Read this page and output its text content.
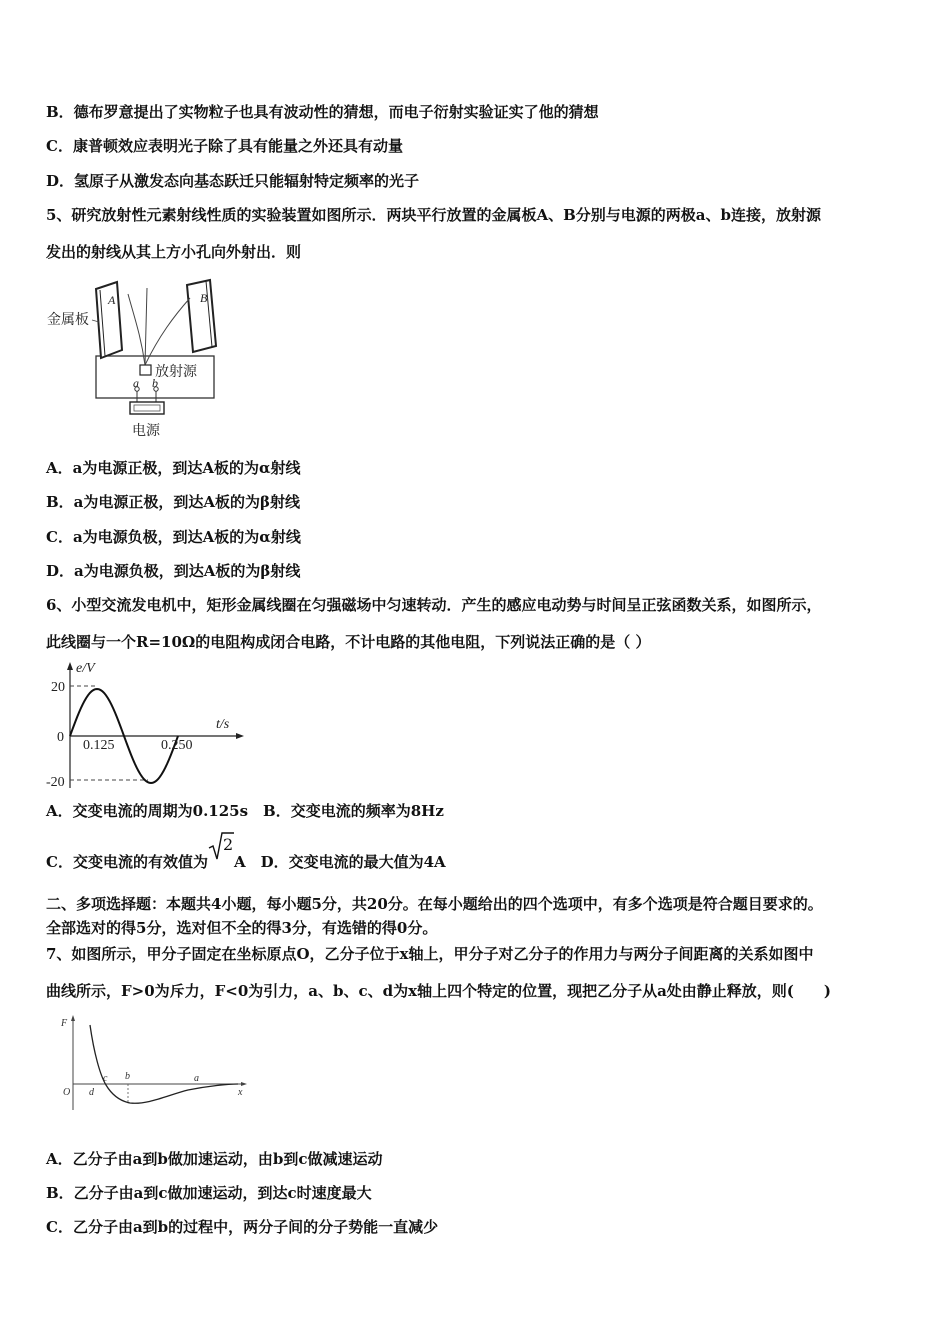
B．德布罗意提出了实物粒子也具有波动性的猜想，而电子衍射实验证实了他的猜想
C．康普顿效应表明光子除了具有能量之外还具有动量
D．氢原子从激发态向基态跃迁只能辐射特定频率的光子
5、研究放射性元素射线性质的实验装置如图所示．两块平行放置的金属板A、B分别与电源的两极a、b连接，放射源
发出的射线从其上方小孔向外射出．则
金属板
A	B
放射源
a b
电源
A．a为电源正极，到达A板的为α射线
B．a为电源正极，到达A板的为β射线
C．a为电源负极，到达A板的为α射线
D．a为电源负极，到达A板的为β射线
6、小型交流发电机中，矩形金属线圈在匀强磁场中匀速转动．产生的感应电动势与时间呈正弦函数关系，如图所示，
此线圈与一个R=10Ω的电阻构成闭合电路，不计电路的其他电阻，下列说法正确的是（ ）
e/V
t/s
20
-20
0
0.125	0.250
A．交变电流的周期为0.125s　B．交变电流的频率为8Hz
C．交变电流的有效值为
2
A　D．交变电流的最大值为4A
二、多项选择题：本题共4小题，每小题5分，共20分。在每小题给出的四个选项中，有多个选项是符合题目要求的。
全部选对的得5分，选对但不全的得3分，有选错的得0分。
7、如图所示，甲分子固定在坐标原点O，乙分子位于x轴上，甲分子对乙分子的作用力与两分子间距离的关系如图中
曲线所示，F>0为斥力，F<0为引力，a、b、c、d为x轴上四个特定的位置，现把乙分子从a处由静止释放，则(　　)
F
O	x
a
b
c
d
A．乙分子由a到b做加速运动，由b到c做减速运动
B．乙分子由a到c做加速运动，到达c时速度最大
C．乙分子由a到b的过程中，两分子间的分子势能一直减少
